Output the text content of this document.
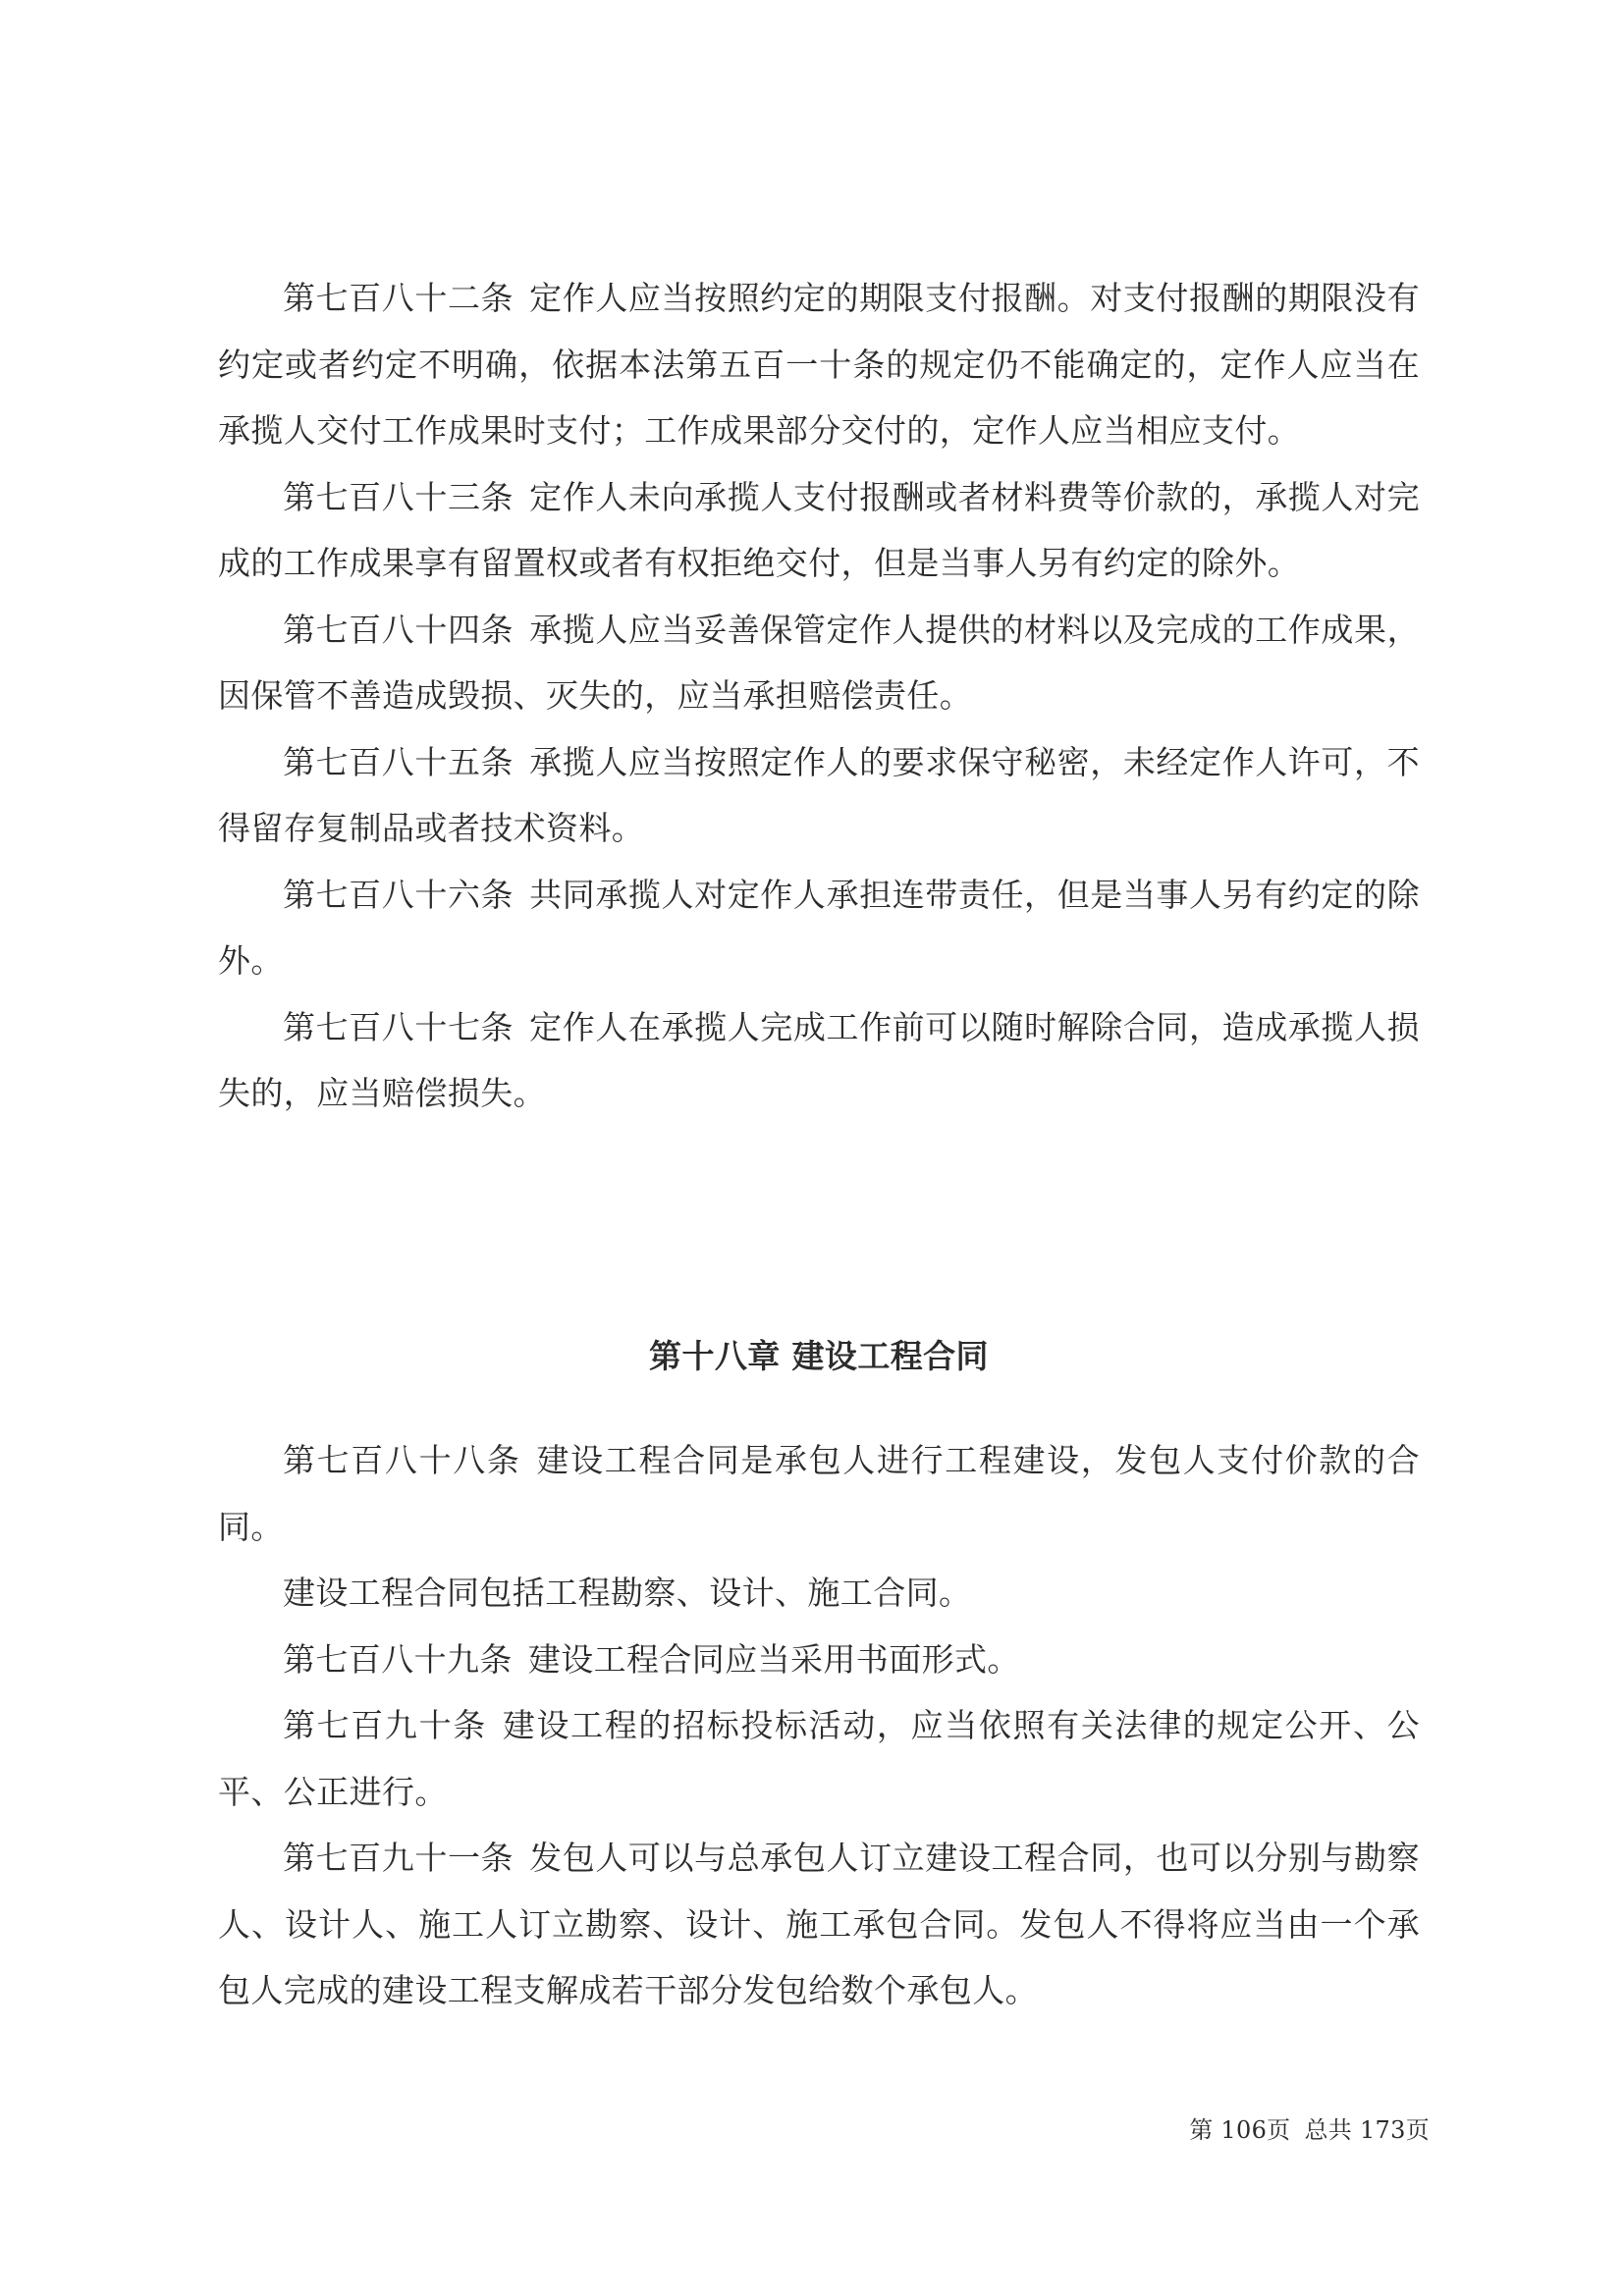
第七百八十二条 定作人应当按照约定的期限支付报酬。对支付报酬的期限没有约定或者约定不明确，依据本法第五百一十条的规定仍不能确定的，定作人应当在承揽人交付工作成果时支付；工作成果部分交付的，定作人应当相应支付。

第七百八十三条 定作人未向承揽人支付报酬或者材料费等价款的，承揽人对完成的工作成果享有留置权或者有权拒绝交付，但是当事人另有约定的除外。

第七百八十四条 承揽人应当妥善保管定作人提供的材料以及完成的工作成果，因保管不善造成毁损、灭失的，应当承担赔偿责任。

第七百八十五条 承揽人应当按照定作人的要求保守秘密，未经定作人许可，不得留存复制品或者技术资料。

第七百八十六条 共同承揽人对定作人承担连带责任，但是当事人另有约定的除外。

第七百八十七条 定作人在承揽人完成工作前可以随时解除合同，造成承揽人损失的，应当赔偿损失。

第十八章 建设工程合同

第七百八十八条 建设工程合同是承包人进行工程建设，发包人支付价款的合同。

建设工程合同包括工程勘察、设计、施工合同。

第七百八十九条 建设工程合同应当采用书面形式。

第七百九十条 建设工程的招标投标活动，应当依照有关法律的规定公开、公平、公正进行。

第七百九十一条 发包人可以与总承包人订立建设工程合同，也可以分别与勘察人、设计人、施工人订立勘察、设计、施工承包合同。发包人不得将应当由一个承包人完成的建设工程支解成若干部分发包给数个承包人。

第 106页 总共 173页
